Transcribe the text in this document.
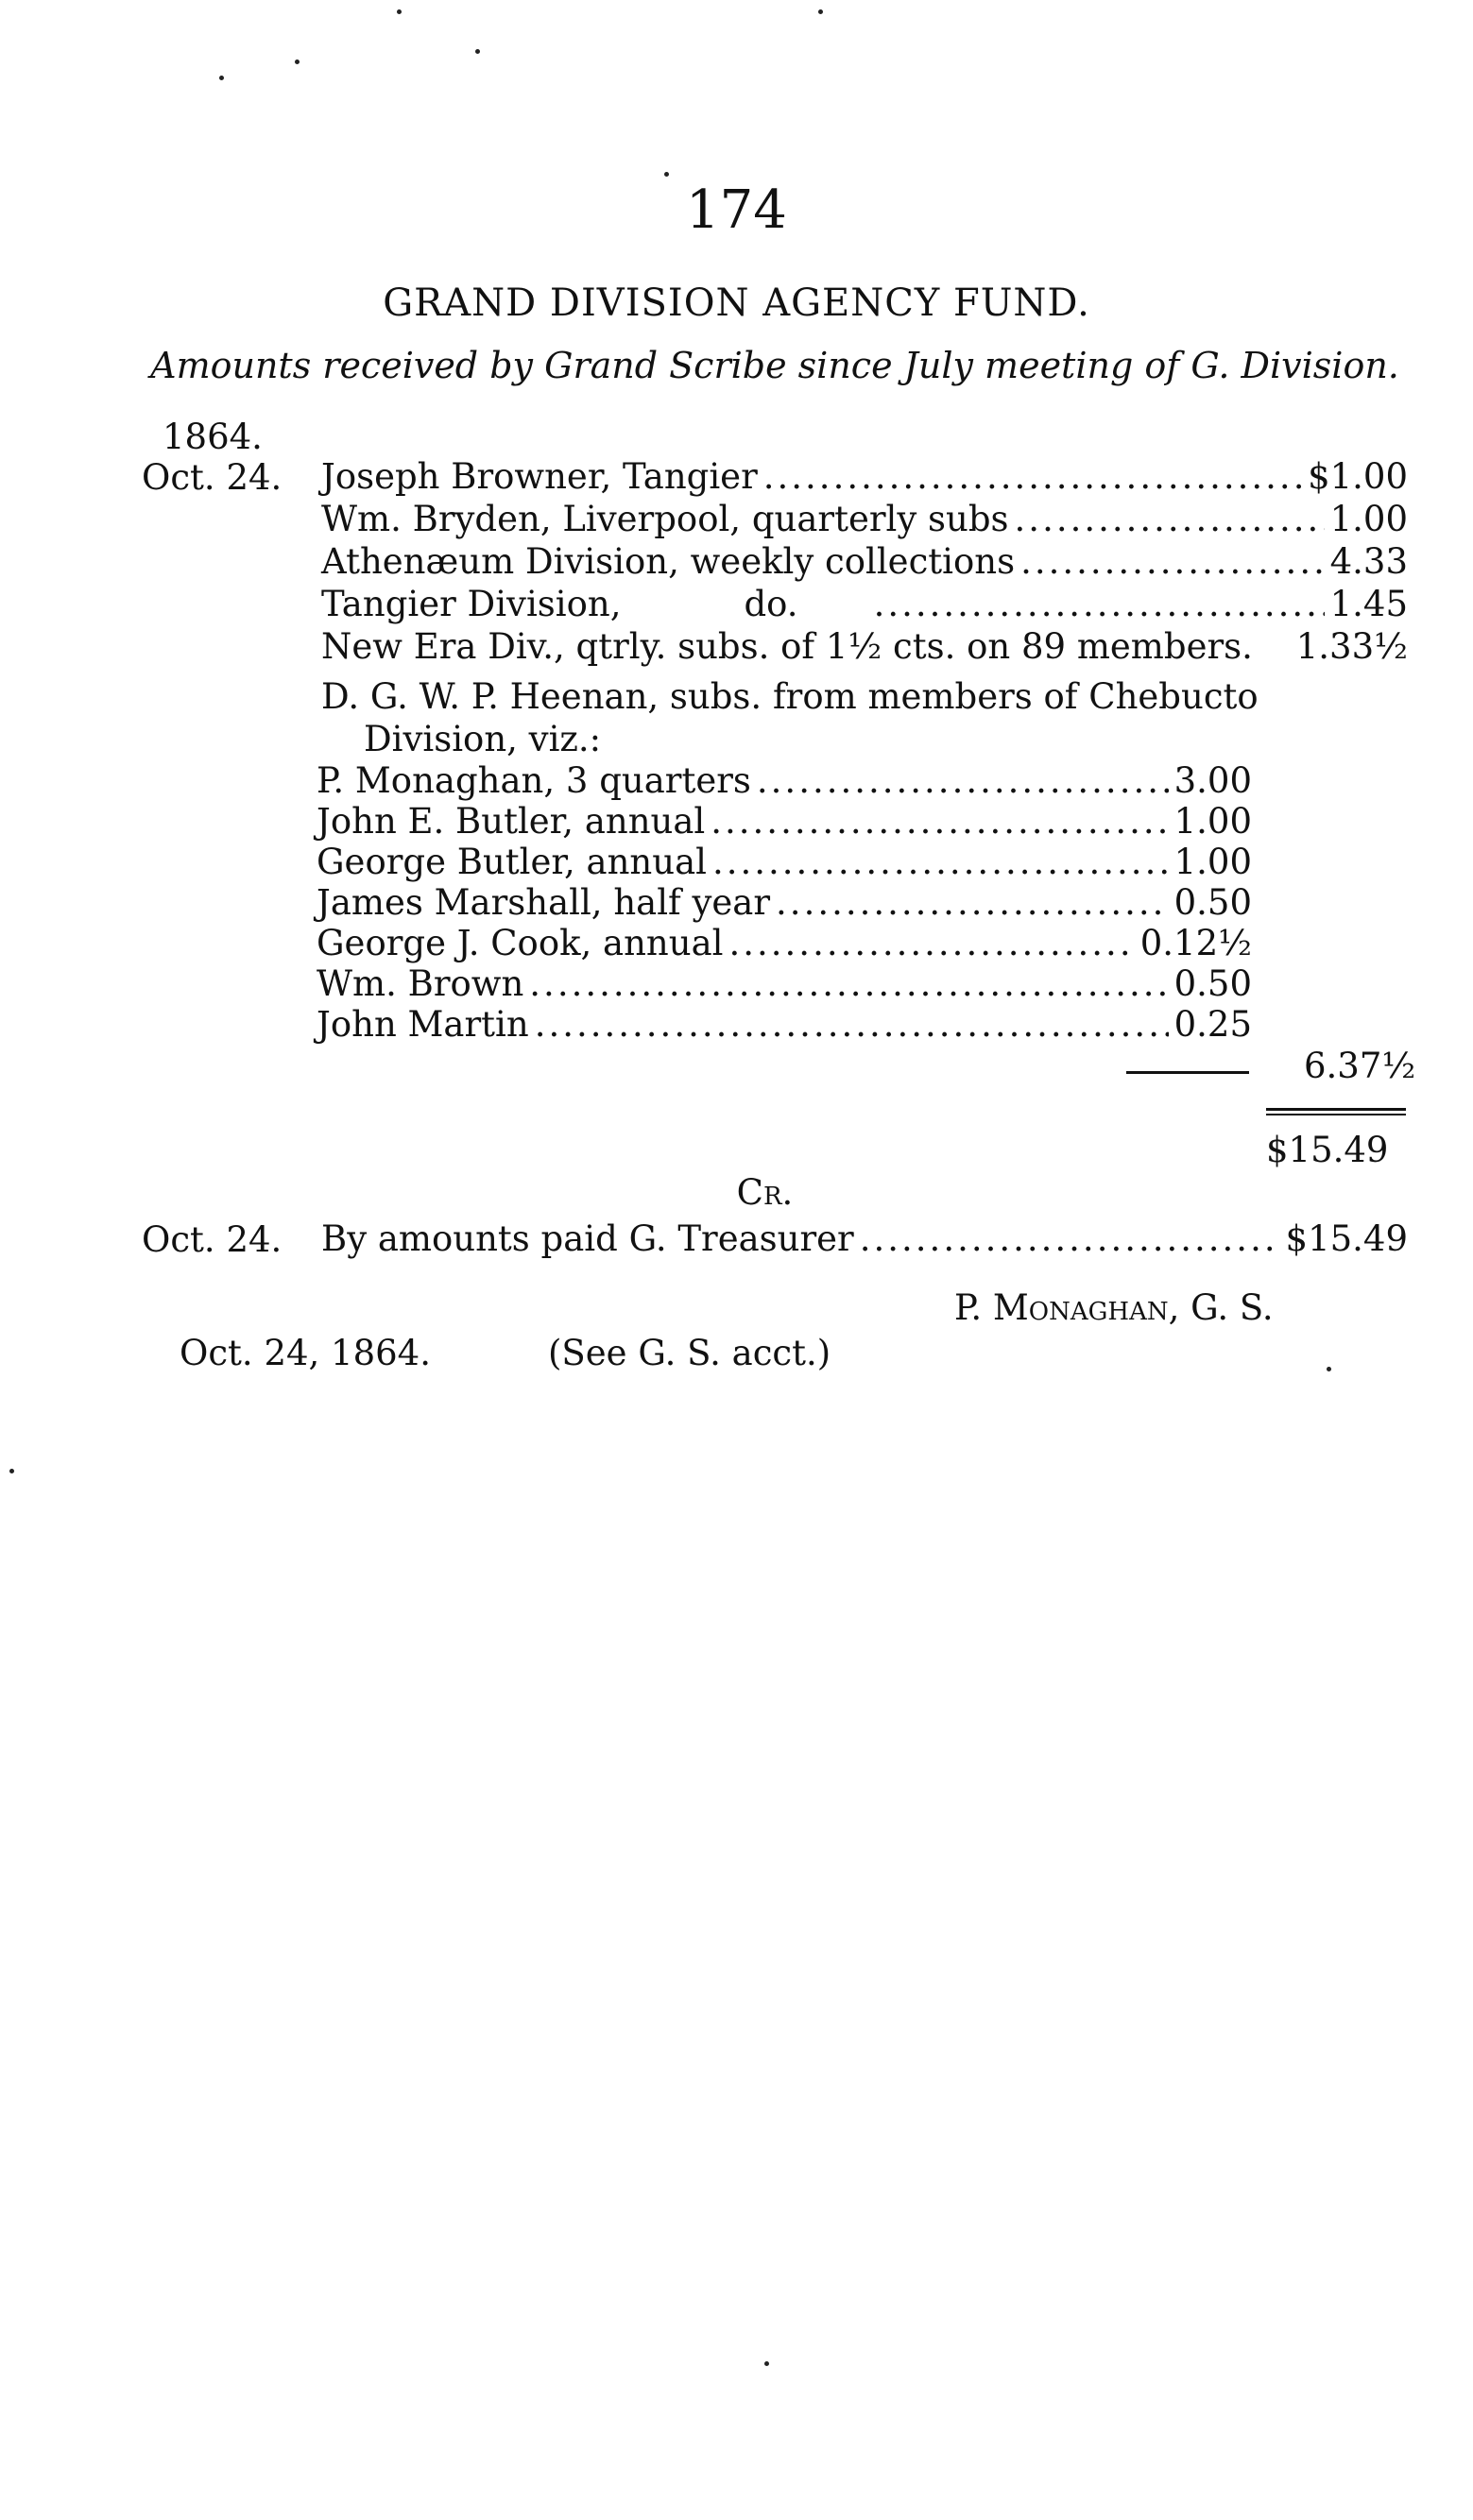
174
GRAND DIVISION AGENCY FUND.
Amounts received by Grand Scribe since July meeting of G. Division.
1864.
Oct. 24. Joseph Browner, Tangier .....	$1.00
Wm. Bryden, Liverpool, quarterly subs .....	1.00
Athenæum Division, weekly collections .....	4.33
Tangier Division,	do. .....	1.45
New Era Div., qtrly. subs. of 1½ cts. on 89 members. 1.33½
D. G. W. P. Heenan, subs. from members of Chebucto
Division, viz.:
P. Monaghan, 3 quarters .....	3.00
John E. Butler, annual .....	1.00
George Butler, annual .....	1.00
James Marshall, half year .....	0.50
George J. Cook, annual .....	0.12½
Wm. Brown .....	0.50
John Martin .....	0.25
6.37½
$15.49
Cr.
Oct. 24. By amounts paid G. Treasurer .....	$15.49
P. Monaghan, G. S.
Oct. 24, 1864.	(See G. S. acct.)
